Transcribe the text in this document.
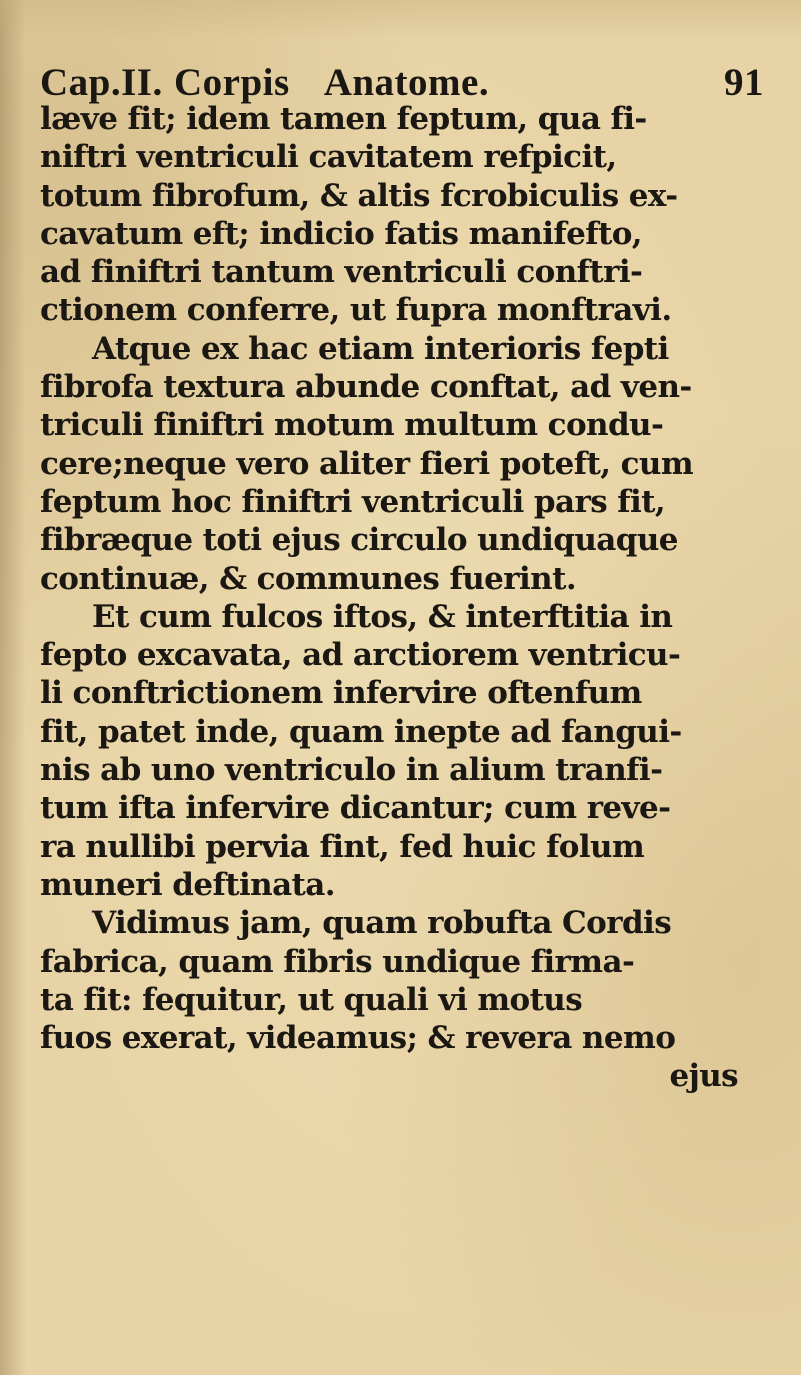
Cap.II. Corpis Anatome.	91
læve fit; idem tamen feptum, qua fi-
niftri ventriculi cavitatem refpicit,
totum fibrofum, & altis fcrobiculis ex-
cavatum eft; indicio fatis manifefto,
ad finiftri tantum ventriculi conftri-
ctionem conferre, ut fupra monftravi.
Atque ex hac etiam interioris fepti
fibrofa textura abunde conftat, ad ven-
triculi finiftri motum multum condu-
cere;neque vero aliter fieri poteft, cum
feptum hoc finiftri ventriculi pars fit,
fibræque toti ejus circulo undiquaque
continuæ, & communes fuerint.
Et cum fulcos iftos, & interftitia in
fepto excavata, ad arctiorem ventricu-
li conftrictionem infervire oftenfum
fit, patet inde, quam inepte ad fangui-
nis ab uno ventriculo in alium tranfi-
tum ifta infervire dicantur; cum reve-
ra nullibi pervia fint, fed huic folum
muneri deftinata.
Vidimus jam, quam robufta Cordis
fabrica, quam fibris undique firma-
ta fit: fequitur, ut quali vi motus
fuos exerat, videamus; & revera nemo
ejus
